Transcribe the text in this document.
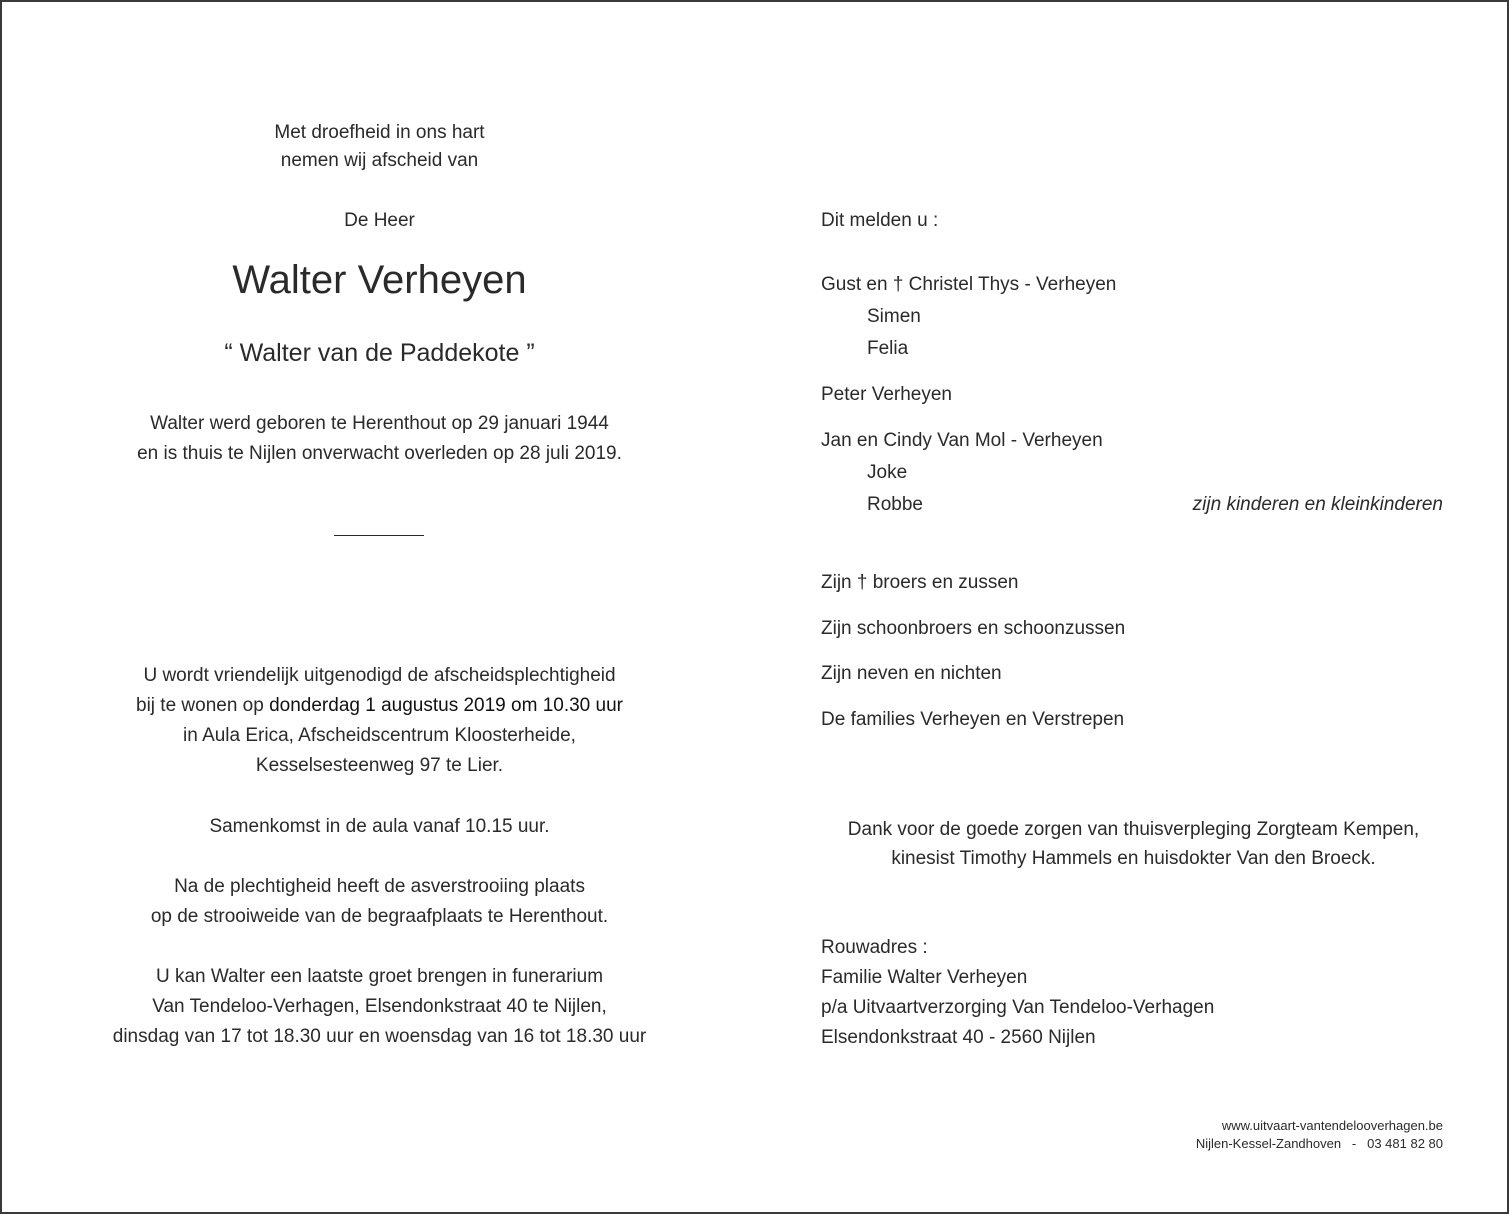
Met droefheid in ons hart
nemen wij afscheid van
De Heer
Walter Verheyen
“ Walter van de Paddekote ”
Walter werd geboren te Herenthout op 29 januari 1944
en is thuis te Nijlen onverwacht overleden op 28 juli 2019.
U wordt vriendelijk uitgenodigd de afscheidsplechtigheid
bij te wonen op donderdag 1 augustus 2019 om 10.30 uur
in Aula Erica, Afscheidscentrum Kloosterheide,
Kesselsesteenweg 97 te Lier.
Samenkomst in de aula vanaf 10.15 uur.
Na de plechtigheid heeft de asverstrooiing plaats
op de strooiweide van de begraafplaats te Herenthout.
U kan Walter een laatste groet brengen in funerarium
Van Tendeloo-Verhagen, Elsendonkstraat 40 te Nijlen,
dinsdag van 17 tot 18.30 uur en woensdag van 16 tot 18.30 uur
Dit melden u :
Gust en † Christel Thys - Verheyen
Simen
Felia
Peter Verheyen
Jan en Cindy Van Mol - Verheyen
Joke
Robbe	zijn kinderen en kleinkinderen
Zijn † broers en zussen
Zijn schoonbroers en schoonzussen
Zijn neven en nichten
De families Verheyen en Verstrepen
Dank voor de goede zorgen van thuisverpleging Zorgteam Kempen,
kinesist Timothy Hammels en huisdokter Van den Broeck.
Rouwadres :
Familie Walter Verheyen
p/a Uitvaartverzorging Van Tendeloo-Verhagen
Elsendonkstraat 40 - 2560 Nijlen
www.uitvaart-vantendelooverhagen.be
Nijlen-Kessel-Zandhoven   -   03 481 82 80
